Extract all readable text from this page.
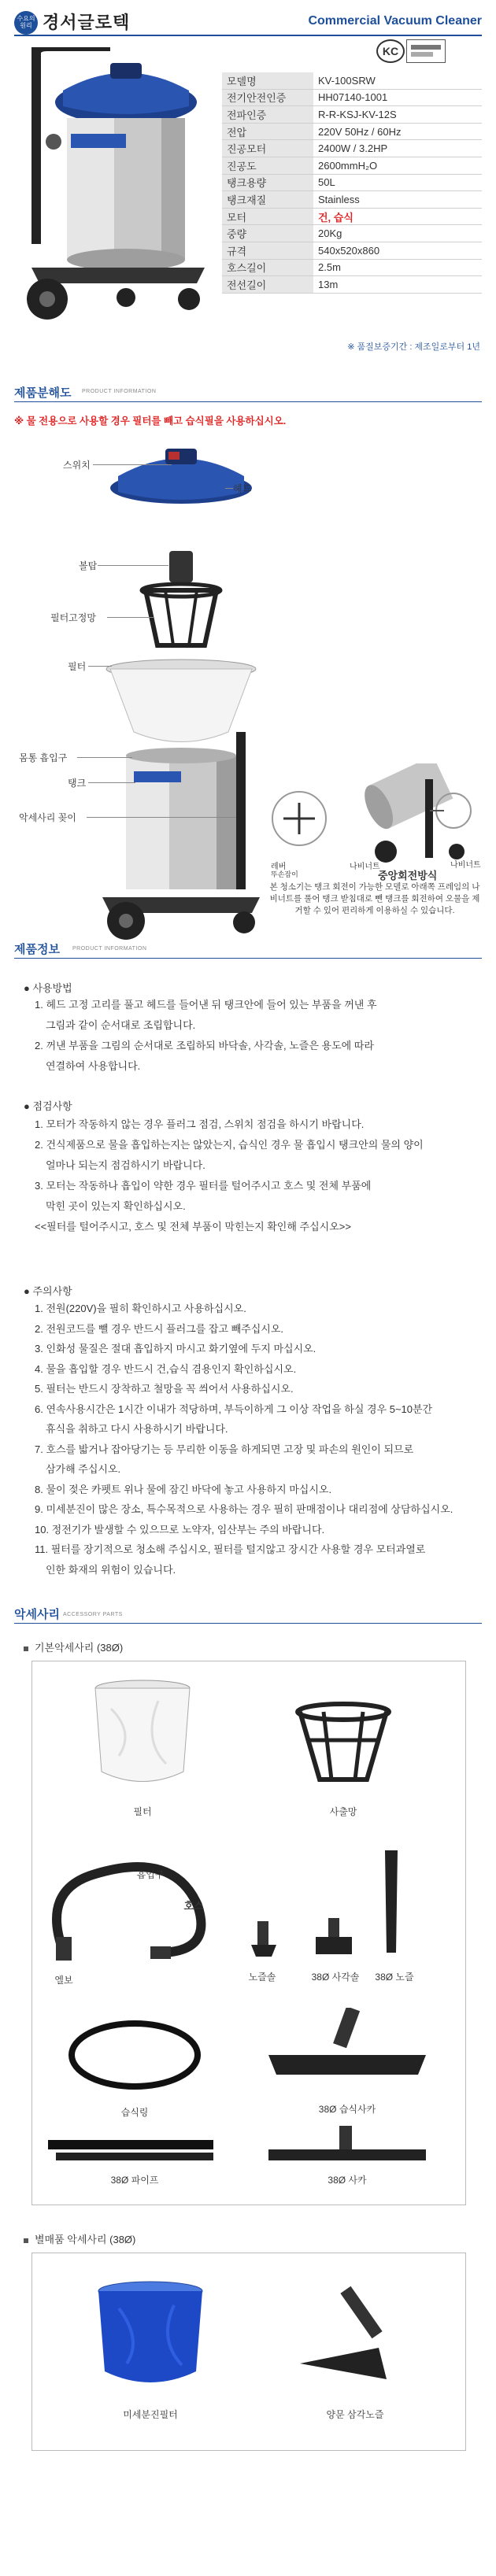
수요의 원리 경서글로텍	Commercial Vacuum Cleaner
KC
모델명	KV-100SRW
전기안전인증	HH07140-1001
전파인증	R-R-KSJ-KV-12S
전압	220V 50Hz / 60Hz
진공모터	2400W / 3.2HP
진공도	2600mmH₂O
탱크용량	50L
탱크재질	Stainless
모터	건, 습식
중량	20Kg
규격	540x520x860
호스길이	2.5m
전선길이	13m
※ 품질보증기간 : 제조일로부터 1년
제품분해도 PRODUCT INFORMATION
※ 물 전용으로 사용할 경우 필터를 빼고 습식필을 사용하십시오.
스위치
헤드
볼탑
필터고정망
필터
몸통 흡입구
탱크
악세사리 꽂이
레버
뚜손잡이
나비너트	나비너트
중앙회전방식
본 청소기는 탱크 회전이 가능한 모델로 아래쪽 프레임의 나비너트를 풀어 탱크 받침대로 뺀 탱크를 회전하여 오물을 제거할 수 있어 편리하게 이용하실 수 있습니다.
제품정보 PRODUCT INFORMATION
● 사용방법
1. 헤드 고정 고리를 풀고 헤드를 들어낸 뒤 탱크안에 들어 있는 부품을 꺼낸 후
그림과 같이 순서대로 조립합니다.
2. 꺼낸 부품을 그림의 순서대로 조립하되 바닥솔, 사각솔, 노즐은 용도에 따라
연결하여 사용합니다.
● 점검사항
1. 모터가 작동하지 않는 경우 플러그 점검, 스위치 점검을 하시기 바랍니다.
2. 건식제품으로 물을 흡입하는지는 않았는지, 습식인 경우 물 흡입시 탱크안의 물의 양이
얼마나 되는지 점검하시기 바랍니다.
3. 모터는 작동하나 흡입이 약한 경우 필터를 털어주시고 호스 및 전체 부품에
막힌 곳이 있는지 확인하십시오.
<<필터를 털어주시고, 호스 및 전체 부품이 막힌는지 확인해 주십시오>>
● 주의사항
1. 전원(220V)을 필히 확인하시고 사용하십시오.
2. 전원코드를 뺄 경우 반드시 플러그를 잡고 빼주십시오.
3. 인화성 물질은 절대 흡입하지 마시고 화기옆에 두지 마십시오.
4. 물을 흡입할 경우 반드시 건,습식 겸용인지 확인하십시오.
5. 필터는 반드시 장착하고 철망을 꼭 씌어서 사용하십시오.
6. 연속사용시간은 1시간 이내가 적당하며, 부득이하게 그 이상 작업을 하실 경우 5~10분간
휴식을 취하고 다시 사용하시기 바랍니다.
7. 호스를 밟거나 잡아당기는 등 무리한 이동을 하게되면 고장 및 파손의 원인이 되므로
삼가해 주십시오.
8. 물이 젖은 카펫트 위나 물에 잠긴 바닥에 놓고 사용하지 마십시오.
9. 미세분진이 많은 장소, 특수목적으로 사용하는 경우 필히 판매점이나 대리점에 상담하십시오.
10. 정전기가 발생할 수 있으므로 노약자, 임산부는 주의 바랍니다.
11. 필터를 장기적으로 청소해 주십시오, 필터를 털지않고 장시간 사용할 경우 모터과열로
인한 화재의 위험이 있습니다.
악세사리 ACCESSORY PARTS
기본악세사리 (38Ø)
필터	사출망
흡입구
호스
엘보	노즐솔	38Ø 사각솔	38Ø 노즐
습식링	38Ø 습식사카
38Ø 파이프	38Ø 사카
별매품 악세사리 (38Ø)
미세분진필터	양문 삼각노즐
